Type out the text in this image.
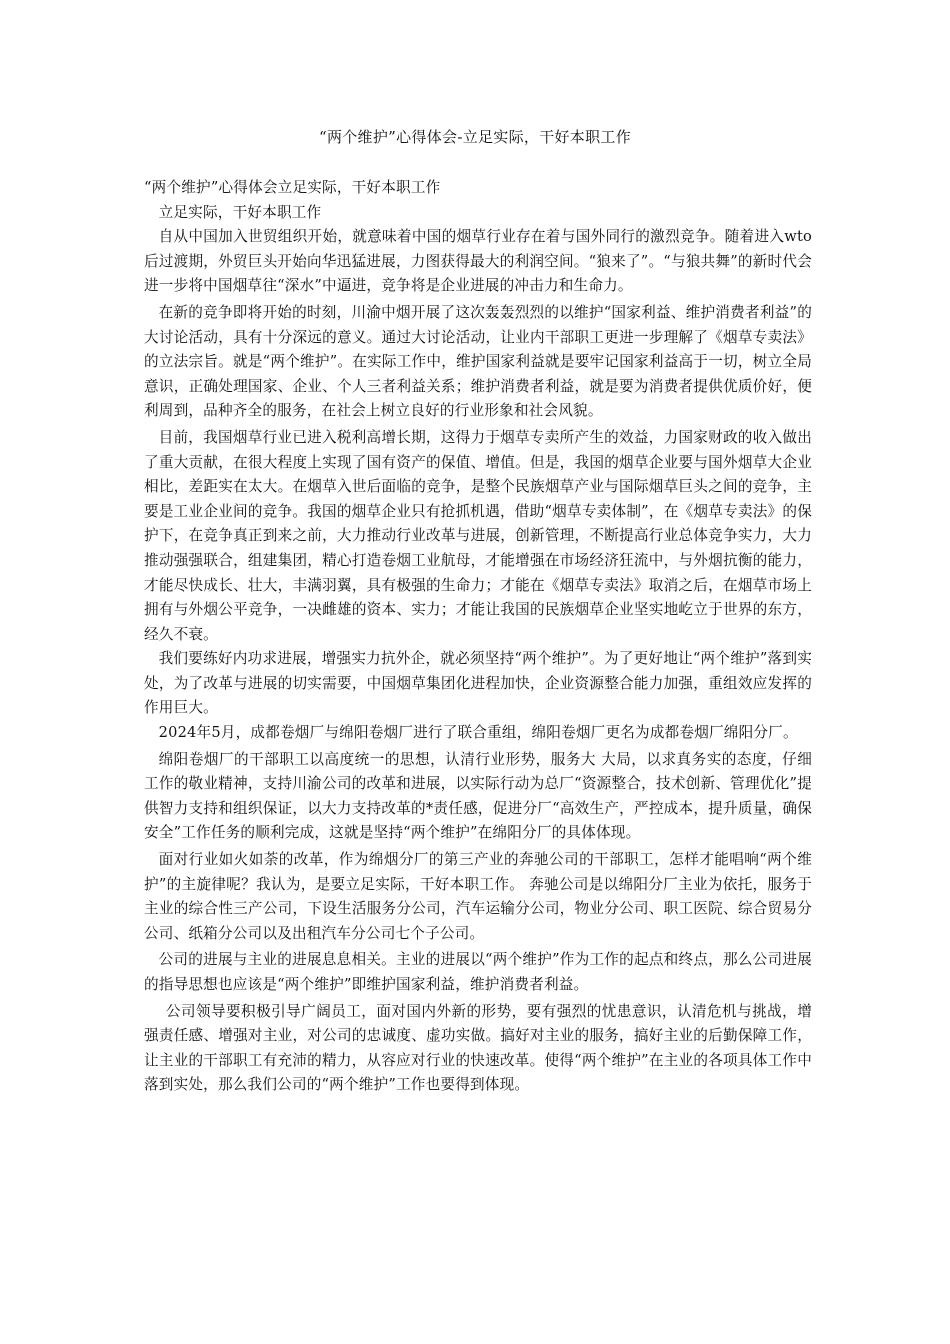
“两个维护”心得体会-立足实际，干好本职工作

“两个维护”心得体会立足实际，干好本职工作

立足实际，干好本职工作

自从中国加入世贸组织开始，就意味着中国的烟草行业存在着与国外同行的激烈竞争。随着进入wto后过渡期，外贸巨头开始向华迅猛进展，力图获得最大的利润空间。“狼来了”。“与狼共舞”的新时代会进一步将中国烟草往“深水”中逼进，竞争将是企业进展的冲击力和生命力。

在新的竞争即将开始的时刻，川渝中烟开展了这次轰轰烈烈的以维护“国家利益、维护消费者利益”的大讨论活动，具有十分深远的意义。通过大讨论活动，让业内干部职工更进一步理解了《烟草专卖法》的立法宗旨。就是“两个维护”。在实际工作中，维护国家利益就是要牢记国家利益高于一切，树立全局意识，正确处理国家、企业、个人三者利益关系；维护消费者利益，就是要为消费者提供优质价好，便利周到，品种齐全的服务，在社会上树立良好的行业形象和社会风貌。

目前，我国烟草行业已进入税利高增长期，这得力于烟草专卖所产生的效益，力国家财政的收入做出了重大贡献，在很大程度上实现了国有资产的保值、增值。但是，我国的烟草企业要与国外烟草大企业相比，差距实在太大。在烟草入世后面临的竞争，是整个民族烟草产业与国际烟草巨头之间的竞争，主要是工业企业间的竞争。我国的烟草企业只有抢抓机遇，借助“烟草专卖体制”，在《烟草专卖法》的保护下，在竞争真正到来之前，大力推动行业改革与进展，创新管理，不断提高行业总体竞争实力，大力推动强强联合，组建集团，精心打造卷烟工业航母，才能增强在市场经济狂流中，与外烟抗衡的能力，才能尽快成长、壮大，丰满羽翼，具有极强的生命力；才能在《烟草专卖法》取消之后，在烟草市场上拥有与外烟公平竞争，一决雌雄的资本、实力；才能让我国的民族烟草企业坚实地屹立于世界的东方，经久不衰。

我们要练好内功求进展，增强实力抗外企，就必须坚持“两个维护”。为了更好地让“两个维护”落到实处，为了改革与进展的切实需要，中国烟草集团化进程加快，企业资源整合能力加强，重组效应发挥的作用巨大。

2024年5月，成都卷烟厂与绵阳卷烟厂进行了联合重组，绵阳卷烟厂更名为成都卷烟厂绵阳分厂。

绵阳卷烟厂的干部职工以高度统一的思想，认清行业形势，服务大 大局，以求真务实的态度，仔细工作的敬业精神，支持川渝公司的改革和进展，以实际行动为总厂“资源整合，技术创新、管理优化”提供智力支持和组织保证，以大力支持改革的*责任感，促进分厂“高效生产，严控成本，提升质量，确保安全”工作任务的顺利完成，这就是坚持“两个维护”在绵阳分厂的具体体现。

面对行业如火如荼的改革，作为绵烟分厂的第三产业的奔驰公司的干部职工，怎样才能唱响“两个维护”的主旋律呢？我认为，是要立足实际，干好本职工作。 奔驰公司是以绵阳分厂主业为依托，服务于主业的综合性三产公司，下设生活服务分公司，汽车运输分公司，物业分公司、职工医院、综合贸易分公司、纸箱分公司以及出租汽车分公司七个子公司。

公司的进展与主业的进展息息相关。主业的进展以“两个维护”作为工作的起点和终点，那么公司进展的指导思想也应该是“两个维护”即维护国家利益，维护消费者利益。

公司领导要积极引导广阔员工，面对国内外新的形势，要有强烈的忧患意识，认清危机与挑战，增强责任感、增强对主业，对公司的忠诚度、虚功实做。搞好对主业的服务，搞好主业的后勤保障工作，让主业的干部职工有充沛的精力，从容应对行业的快速改革。使得“两个维护”在主业的各项具体工作中落到实处，那么我们公司的“两个维护”工作也要得到体现。
